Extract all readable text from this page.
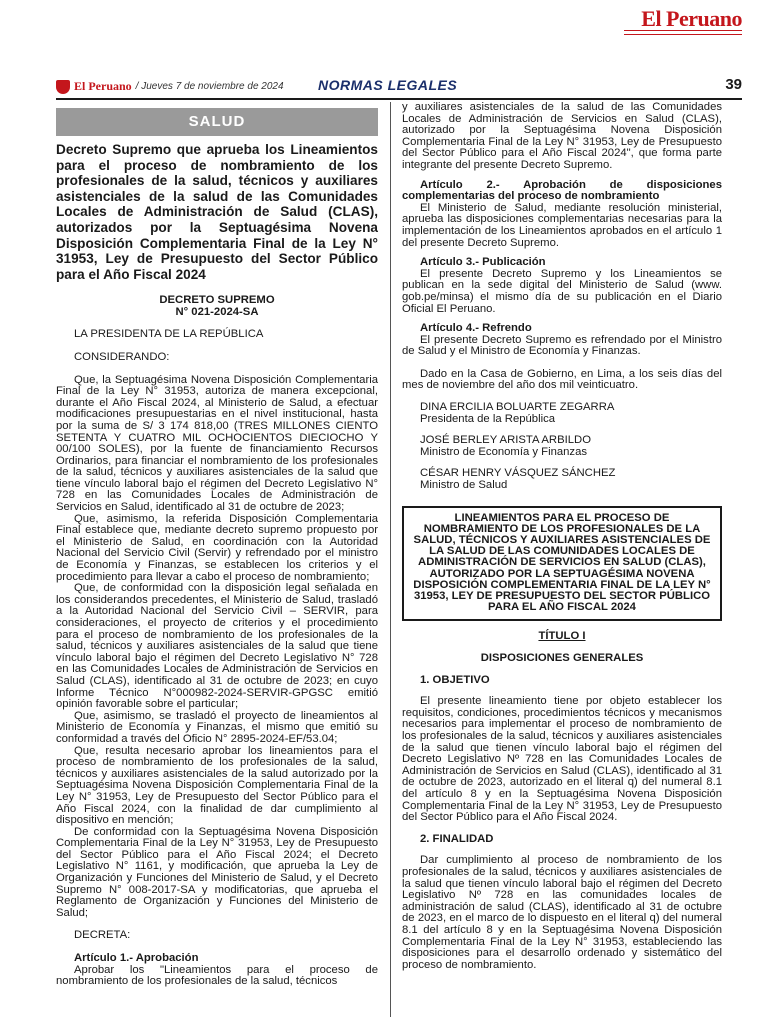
El Peruano
El Peruano / Jueves 7 de noviembre de 2024 NORMAS LEGALES	39
SALUD
Decreto Supremo que aprueba los Lineamientos para el proceso de nombramiento de los profesionales de la salud, técnicos y auxiliares asistenciales de la salud de las Comunidades Locales de Administración de Salud (CLAS), autorizados por la Septuagésima Novena Disposición Complementaria Final de la Ley N° 31953, Ley de Presupuesto del Sector Público para el Año Fiscal 2024
DECRETO SUPREMO
N° 021-2024-SA

LA PRESIDENTA DE LA REPÚBLICA

CONSIDERANDO:

Que, la Septuagésima Novena Disposición Complementaria Final de la Ley N° 31953, autoriza de manera excepcional, durante el Año Fiscal 2024, al Ministerio de Salud, a efectuar modificaciones presupuestarias en el nivel institucional, hasta por la suma de S/ 3 174 818,00 (TRES MILLONES CIENTO SETENTA Y CUATRO MIL OCHOCIENTOS DIECIOCHO Y 00/100 SOLES), por la fuente de financiamiento Recursos Ordinarios, para financiar el nombramiento de los profesionales de la salud, técnicos y auxiliares asistenciales de la salud que tiene vínculo laboral bajo el régimen del Decreto Legislativo N° 728 en las Comunidades Locales de Administración de Servicios en Salud, identificado al 31 de octubre de 2023;

Que, asimismo, la referida Disposición Complementaria Final establece que, mediante decreto supremo propuesto por el Ministerio de Salud, en coordinación con la Autoridad Nacional del Servicio Civil (Servir) y refrendado por el ministro de Economía y Finanzas, se establecen los criterios y el procedimiento para llevar a cabo el proceso de nombramiento;

Que, de conformidad con la disposición legal señalada en los considerandos precedentes, el Ministerio de Salud, trasladó a la Autoridad Nacional del Servicio Civil – SERVIR, para consideraciones, el proyecto de criterios y el procedimiento para el proceso de nombramiento de los profesionales de la salud, técnicos y auxiliares asistenciales de la salud que tiene vínculo laboral bajo el régimen del Decreto Legislativo N° 728 en las Comunidades Locales de Administración de Servicios en Salud (CLAS), identificado al 31 de octubre de 2023; en cuyo Informe Técnico N°000982-2024-SERVIR-GPGSC emitió opinión favorable sobre el particular;

Que, asimismo, se trasladó el proyecto de lineamientos al Ministerio de Economía y Finanzas, el mismo que emitió su conformidad a través del Oficio N° 2895-2024-EF/53.04;

Que, resulta necesario aprobar los lineamientos para el proceso de nombramiento de los profesionales de la salud, técnicos y auxiliares asistenciales de la salud autorizado por la Septuagésima Novena Disposición Complementaria Final de la Ley N° 31953, Ley de Presupuesto del Sector Público para el Año Fiscal 2024, con la finalidad de dar cumplimiento al dispositivo en mención;

De conformidad con la Septuagésima Novena Disposición Complementaria Final de la Ley N° 31953, Ley de Presupuesto del Sector Público para el Año Fiscal 2024; el Decreto Legislativo N° 1161, y modificación, que aprueba la Ley de Organización y Funciones del Ministerio de Salud, y el Decreto Supremo N° 008-2017-SA y modificatorias, que aprueba el Reglamento de Organización y Funciones del Ministerio de Salud;

DECRETA:

Artículo 1.- Aprobación

Aprobar los "Lineamientos para el proceso de nombramiento de los profesionales de la salud, técnicos

y auxiliares asistenciales de la salud de las Comunidades Locales de Administración de Servicios en Salud (CLAS), autorizado por la Septuagésima Novena Disposición Complementaria Final de la Ley N° 31953, Ley de Presupuesto del Sector Público para el Año Fiscal 2024", que forma parte integrante del presente Decreto Supremo.

Artículo 2.- Aprobación de disposiciones complementarias del proceso de nombramiento

El Ministerio de Salud, mediante resolución ministerial, aprueba las disposiciones complementarias necesarias para la implementación de los Lineamientos aprobados en el artículo 1 del presente Decreto Supremo.

Artículo 3.- Publicación

El presente Decreto Supremo y los Lineamientos se publican en la sede digital del Ministerio de Salud (www. gob.pe/minsa) el mismo día de su publicación en el Diario Oficial El Peruano.

Artículo 4.- Refrendo

El presente Decreto Supremo es refrendado por el Ministro de Salud y el Ministro de Economía y Finanzas.

Dado en la Casa de Gobierno, en Lima, a los seis días del mes de noviembre del año dos mil veinticuatro.

DINA ERCILIA BOLUARTE ZEGARRA
Presidenta de la República
JOSÉ BERLEY ARISTA ARBILDO
Ministro de Economía y Finanzas
CÉSAR HENRY VÁSQUEZ SÁNCHEZ
Ministro de Salud
LINEAMIENTOS PARA EL PROCESO DE NOMBRAMIENTO DE LOS PROFESIONALES DE LA SALUD, TÉCNICOS Y AUXILIARES ASISTENCIALES DE LA SALUD DE LAS COMUNIDADES LOCALES DE ADMINISTRACIÓN DE SERVICIOS EN SALUD (CLAS), AUTORIZADO POR LA SEPTUAGÉSIMA NOVENA DISPOSICIÓN COMPLEMENTARIA FINAL DE LA LEY N° 31953, LEY DE PRESUPUESTO DEL SECTOR PÚBLICO PARA EL AÑO FISCAL 2024

TÍTULO I

DISPOSICIONES GENERALES

1. OBJETIVO

El presente lineamiento tiene por objeto establecer los requisitos, condiciones, procedimientos técnicos y mecanismos necesarios para implementar el proceso de nombramiento de los profesionales de la salud, técnicos y auxiliares asistenciales de la salud que tienen vínculo laboral bajo el régimen del Decreto Legislativo Nº 728 en las Comunidades Locales de Administración de Servicios en Salud (CLAS), identificado al 31 de octubre de 2023, autorizado en el literal q) del numeral 8.1 del artículo 8 y en la Septuagésima Novena Disposición Complementaria Final de la Ley N° 31953, Ley de Presupuesto del Sector Público para el Año Fiscal 2024.

2. FINALIDAD

Dar cumplimiento al proceso de nombramiento de los profesionales de la salud, técnicos y auxiliares asistenciales de la salud que tienen vínculo laboral bajo el régimen del Decreto Legislativo Nº 728 en las comunidades locales de administración de salud (CLAS), identificado al 31 de octubre de 2023, en el marco de lo dispuesto en el literal q) del numeral 8.1 del artículo 8 y en la Septuagésima Novena Disposición Complementaria Final de la Ley N° 31953, estableciendo las disposiciones para el desarrollo ordenado y sistemático del proceso de nombramiento.
